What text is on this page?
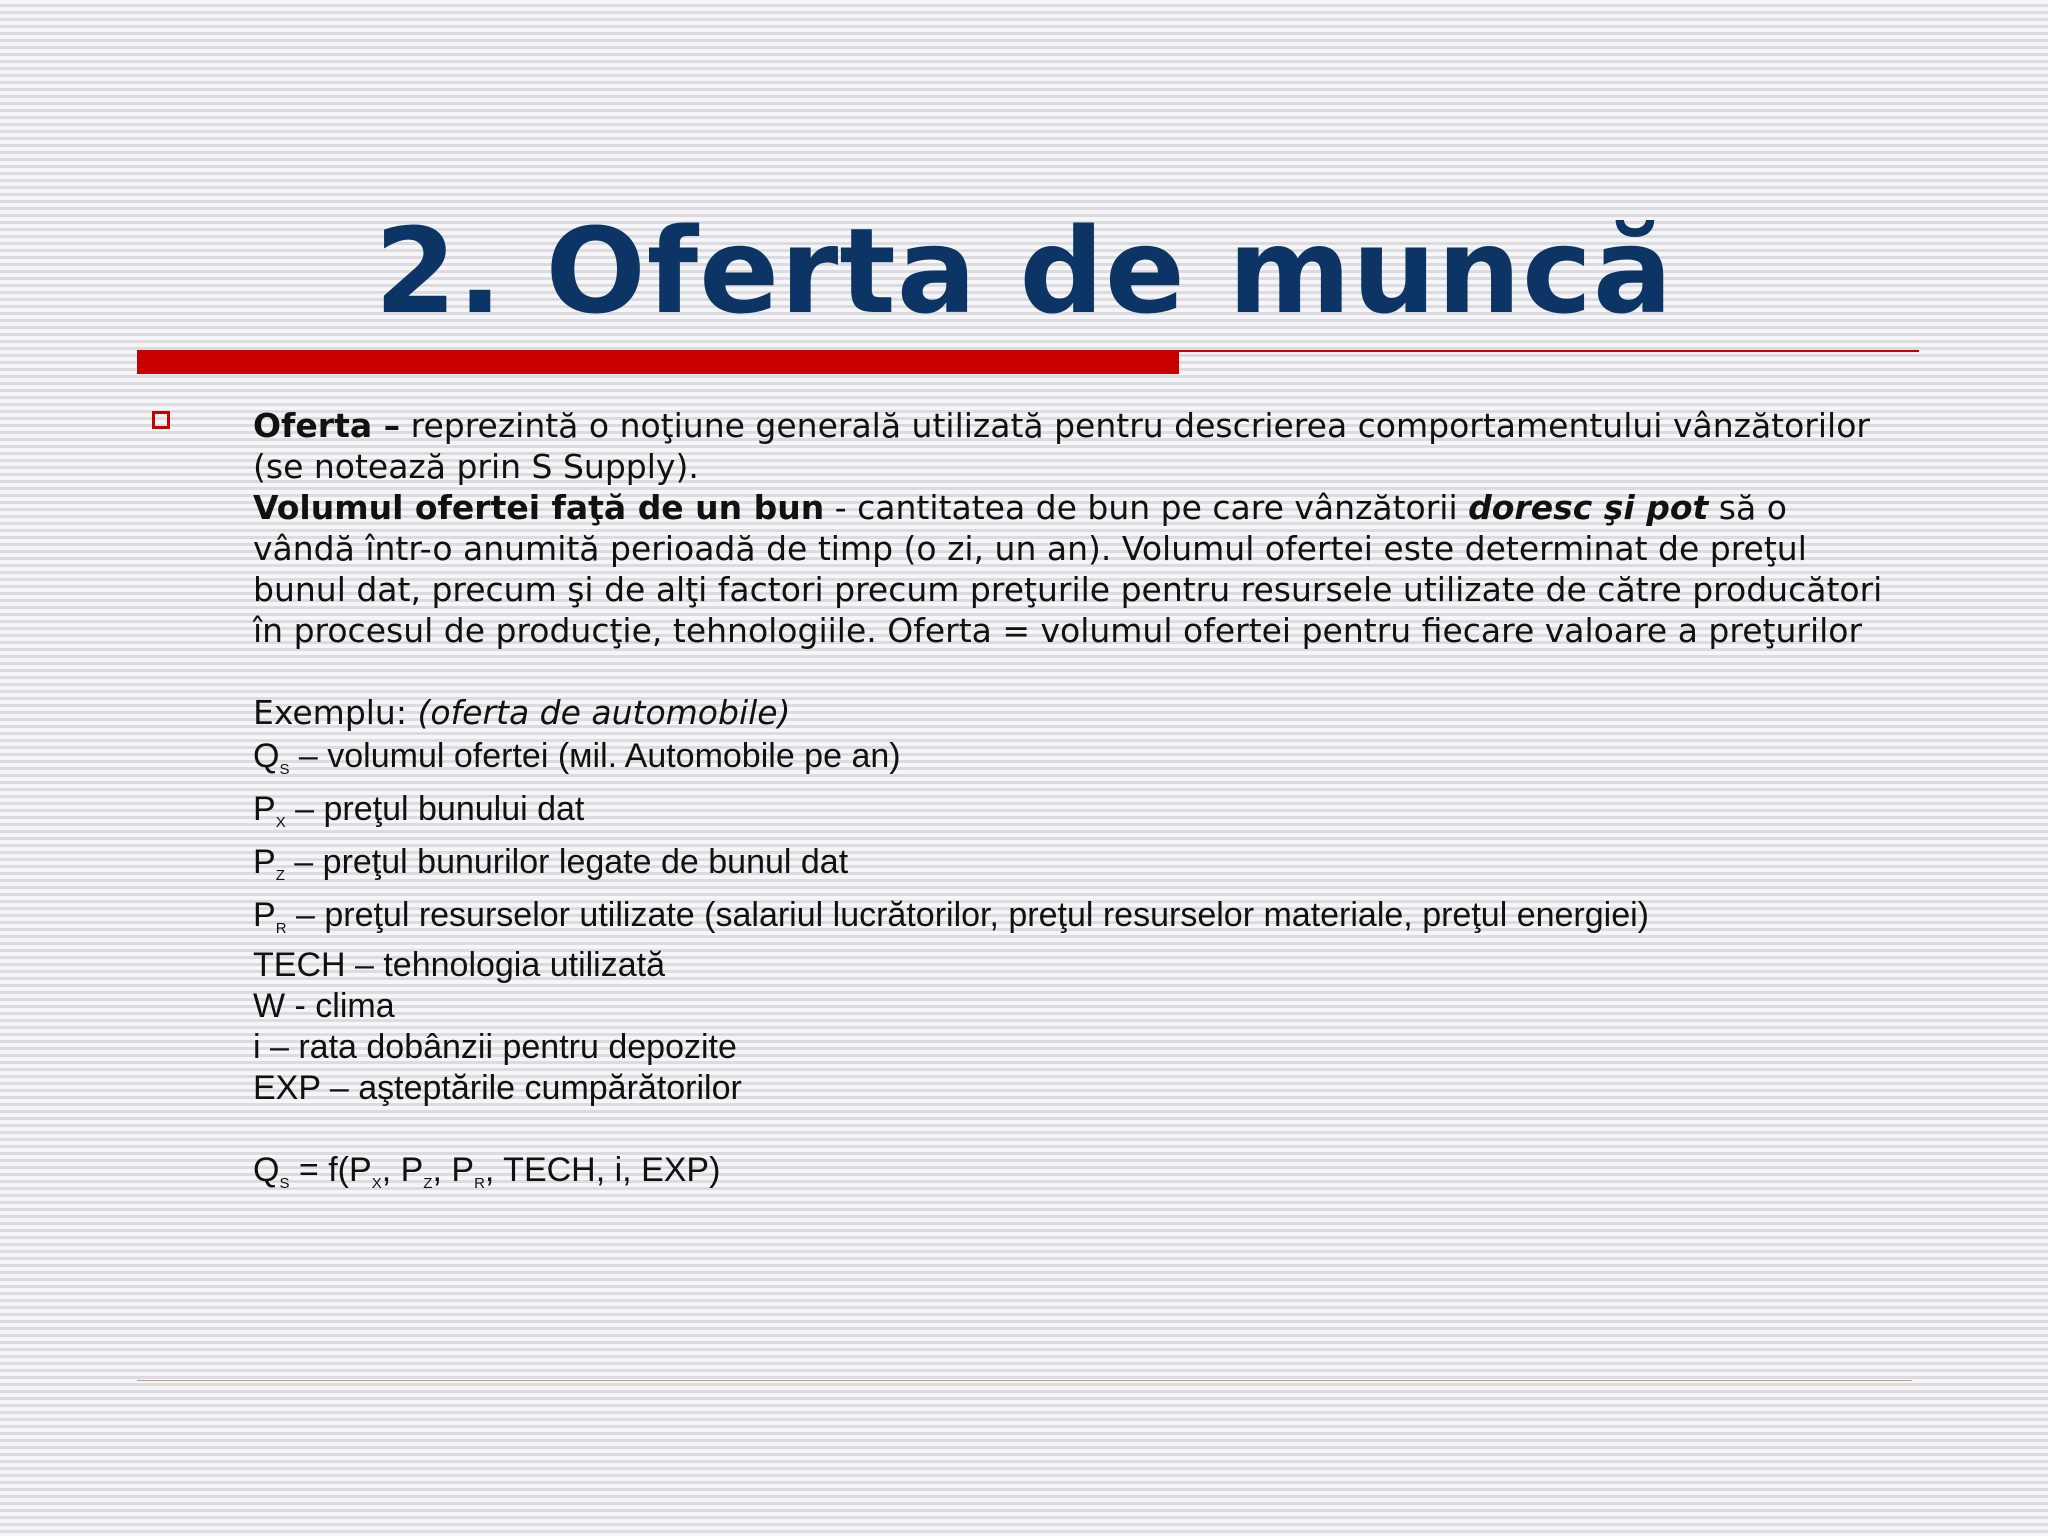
2. Oferta de muncă

Oferta – reprezintă o noţiune generală utilizată pentru descrierea comportamentului vânzătorilor (se notează prin S Supply).

Volumul ofertei faţă de un bun - cantitatea de bun pe care vânzătorii doresc şi pot să o vândă într-o anumită perioadă de timp (o zi, un an). Volumul ofertei este determinat de preţul bunul dat, precum şi de alţi factori precum preţurile pentru resursele utilizate de către producători în procesul de producţie, tehnologiile. Oferta = volumul ofertei pentru fiecare valoare a preţurilor

Exemplu: (oferta de automobile)

$Q_S$ – volumul ofertei (мil. Automobile pe an)

$P_X$ – preţul bunului dat

$P_Z$ – preţul bunurilor legate de bunul dat

$P_R$ – preţul resurselor utilizate (salariul lucrătorilor, preţul resurselor materiale, preţul energiei)

TECH – tehnologia utilizată

W - clima

i – rata dobânzii pentru depozite

EXP – aşteptările cumpărătorilor

$Q_S = f(P_X$, $P_Z$, $P_R$, TECH, i, EXP)
